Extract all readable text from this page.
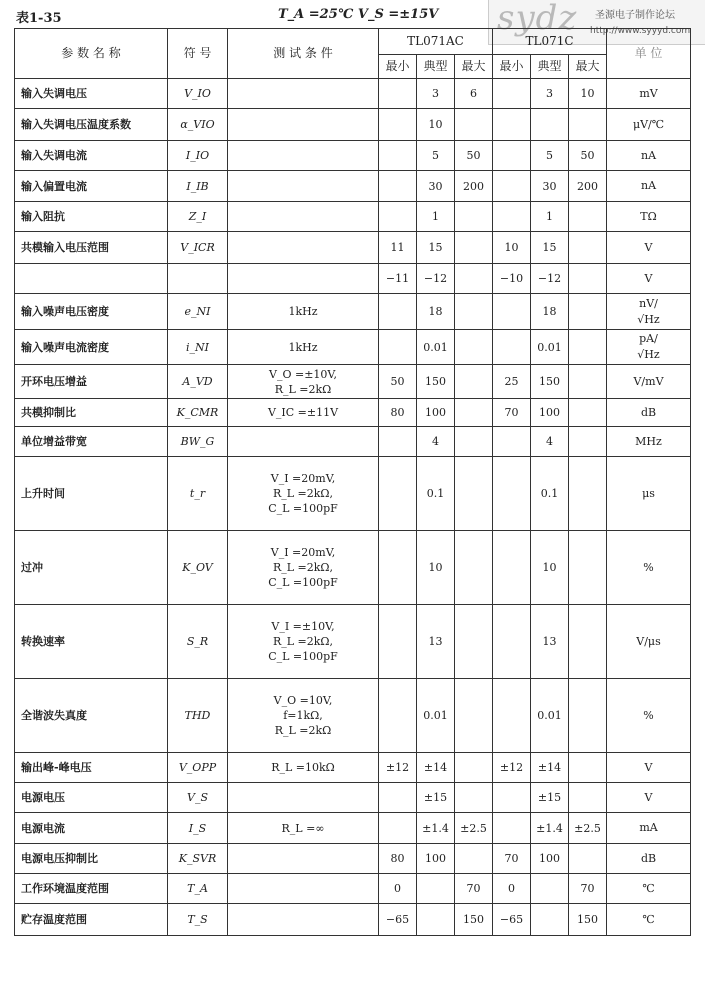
表1-35	T_A =25℃ V_S =±15V sydz 圣源电子制作论坛
http://www.syyyd.com
参 数 名 称	符 号	测 试 条 件	TL071AC			TL071C			单 位
			最小	典型	最大	最小	典型	最大	
输入失调电压	V_IO			3	6		3	10	mV

输入失调电压温度系数	α_VIO			10					μV/℃

输入失调电流	I_IO			5	50		5	50	nA

输入偏置电流	I_IB			30	200		30	200	nA

输入阻抗	Z_I			1			1		TΩ

共模输入电压范围	V_ICR		11	15		10	15		V

			−11	−12		−10	−12		V

输入噪声电压密度	e_NI	1kHz		18			18		nV/
√Hz

输入噪声电流密度	i_NI	1kHz		0.01			0.01		pA/
√Hz

开环电压增益	A_VD	V_O =±10V,
R_L =2kΩ	50	150		25	150		V/mV

共模抑制比	K_CMR	V_IC =±11V	80	100		70	100		dB

单位增益带宽	BW_G			4			4		MHz

上升时间	t_r	V_I =20mV,
R_L =2kΩ,
C_L =100pF		0.1			0.1		μs

过冲	K_OV	V_I =20mV,
R_L =2kΩ,
C_L =100pF		10			10		%

转换速率	S_R	V_I =±10V,
R_L =2kΩ,
C_L =100pF		13			13		V/μs

全谐波失真度	THD	V_O =10V,
f=1kΩ,
R_L =2kΩ		0.01			0.01		%

输出峰-峰电压	V_OPP	R_L =10kΩ	±12	±14		±12	±14		V

电源电压	V_S			±15			±15		V

电源电流	I_S	R_L =∞		±1.4	±2.5		±1.4	±2.5	mA

电源电压抑制比	K_SVR		80	100		70	100		dB

工作环境温度范围	T_A		0		70	0		70	℃

贮存温度范围	T_S		−65		150	−65		150	℃
